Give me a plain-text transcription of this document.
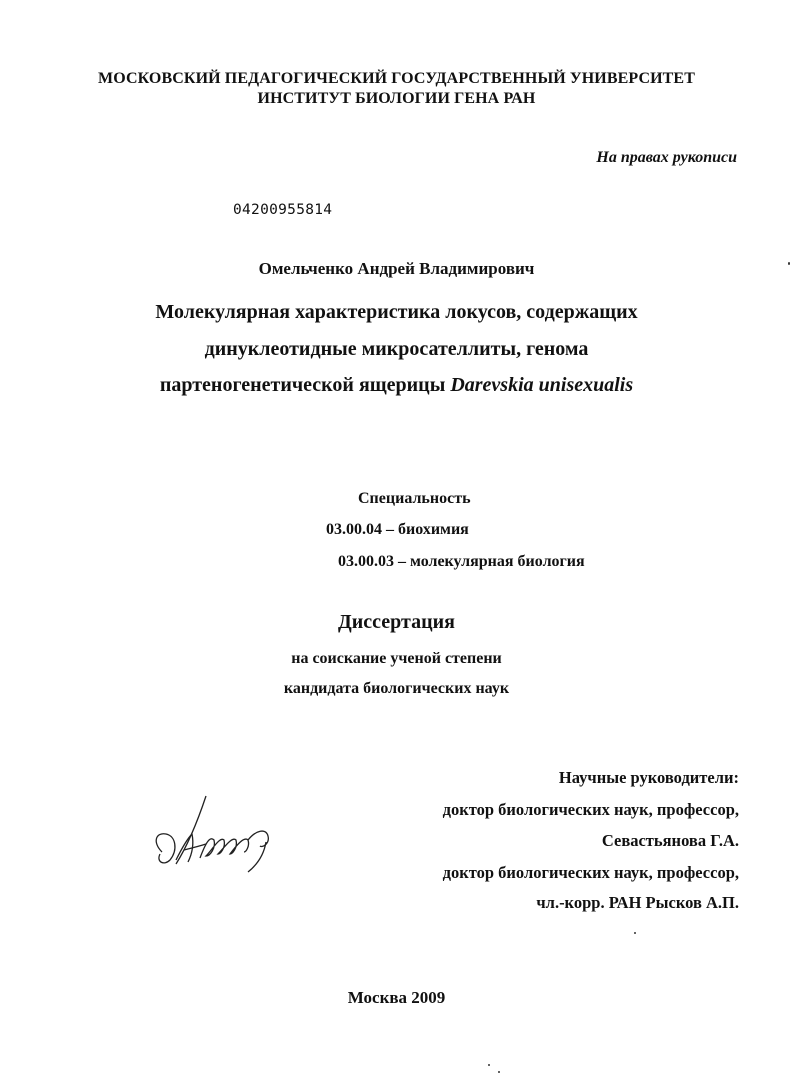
МОСКОВСКИЙ ПЕДАГОГИЧЕСКИЙ ГОСУДАРСТВЕННЫЙ УНИВЕРСИТЕТ
ИНСТИТУТ БИОЛОГИИ ГЕНА РАН
На правах рукописи
04200955814
Омельченко Андрей Владимирович
Молекулярная характеристика локусов, содержащих
динуклеотидные микросателлиты, генома
партеногенетической ящерицы Darevskia unisexualis
Специальность
03.00.04 – биохимия
03.00.03 – молекулярная биология
Диссертация
на соискание ученой степени
кандидата биологических наук
Научные руководители:
доктор биологических наук, профессор,
Севастьянова Г.А.
доктор биологических наук, профессор,
чл.-корр. РАН Рысков А.П.
Москва 2009
